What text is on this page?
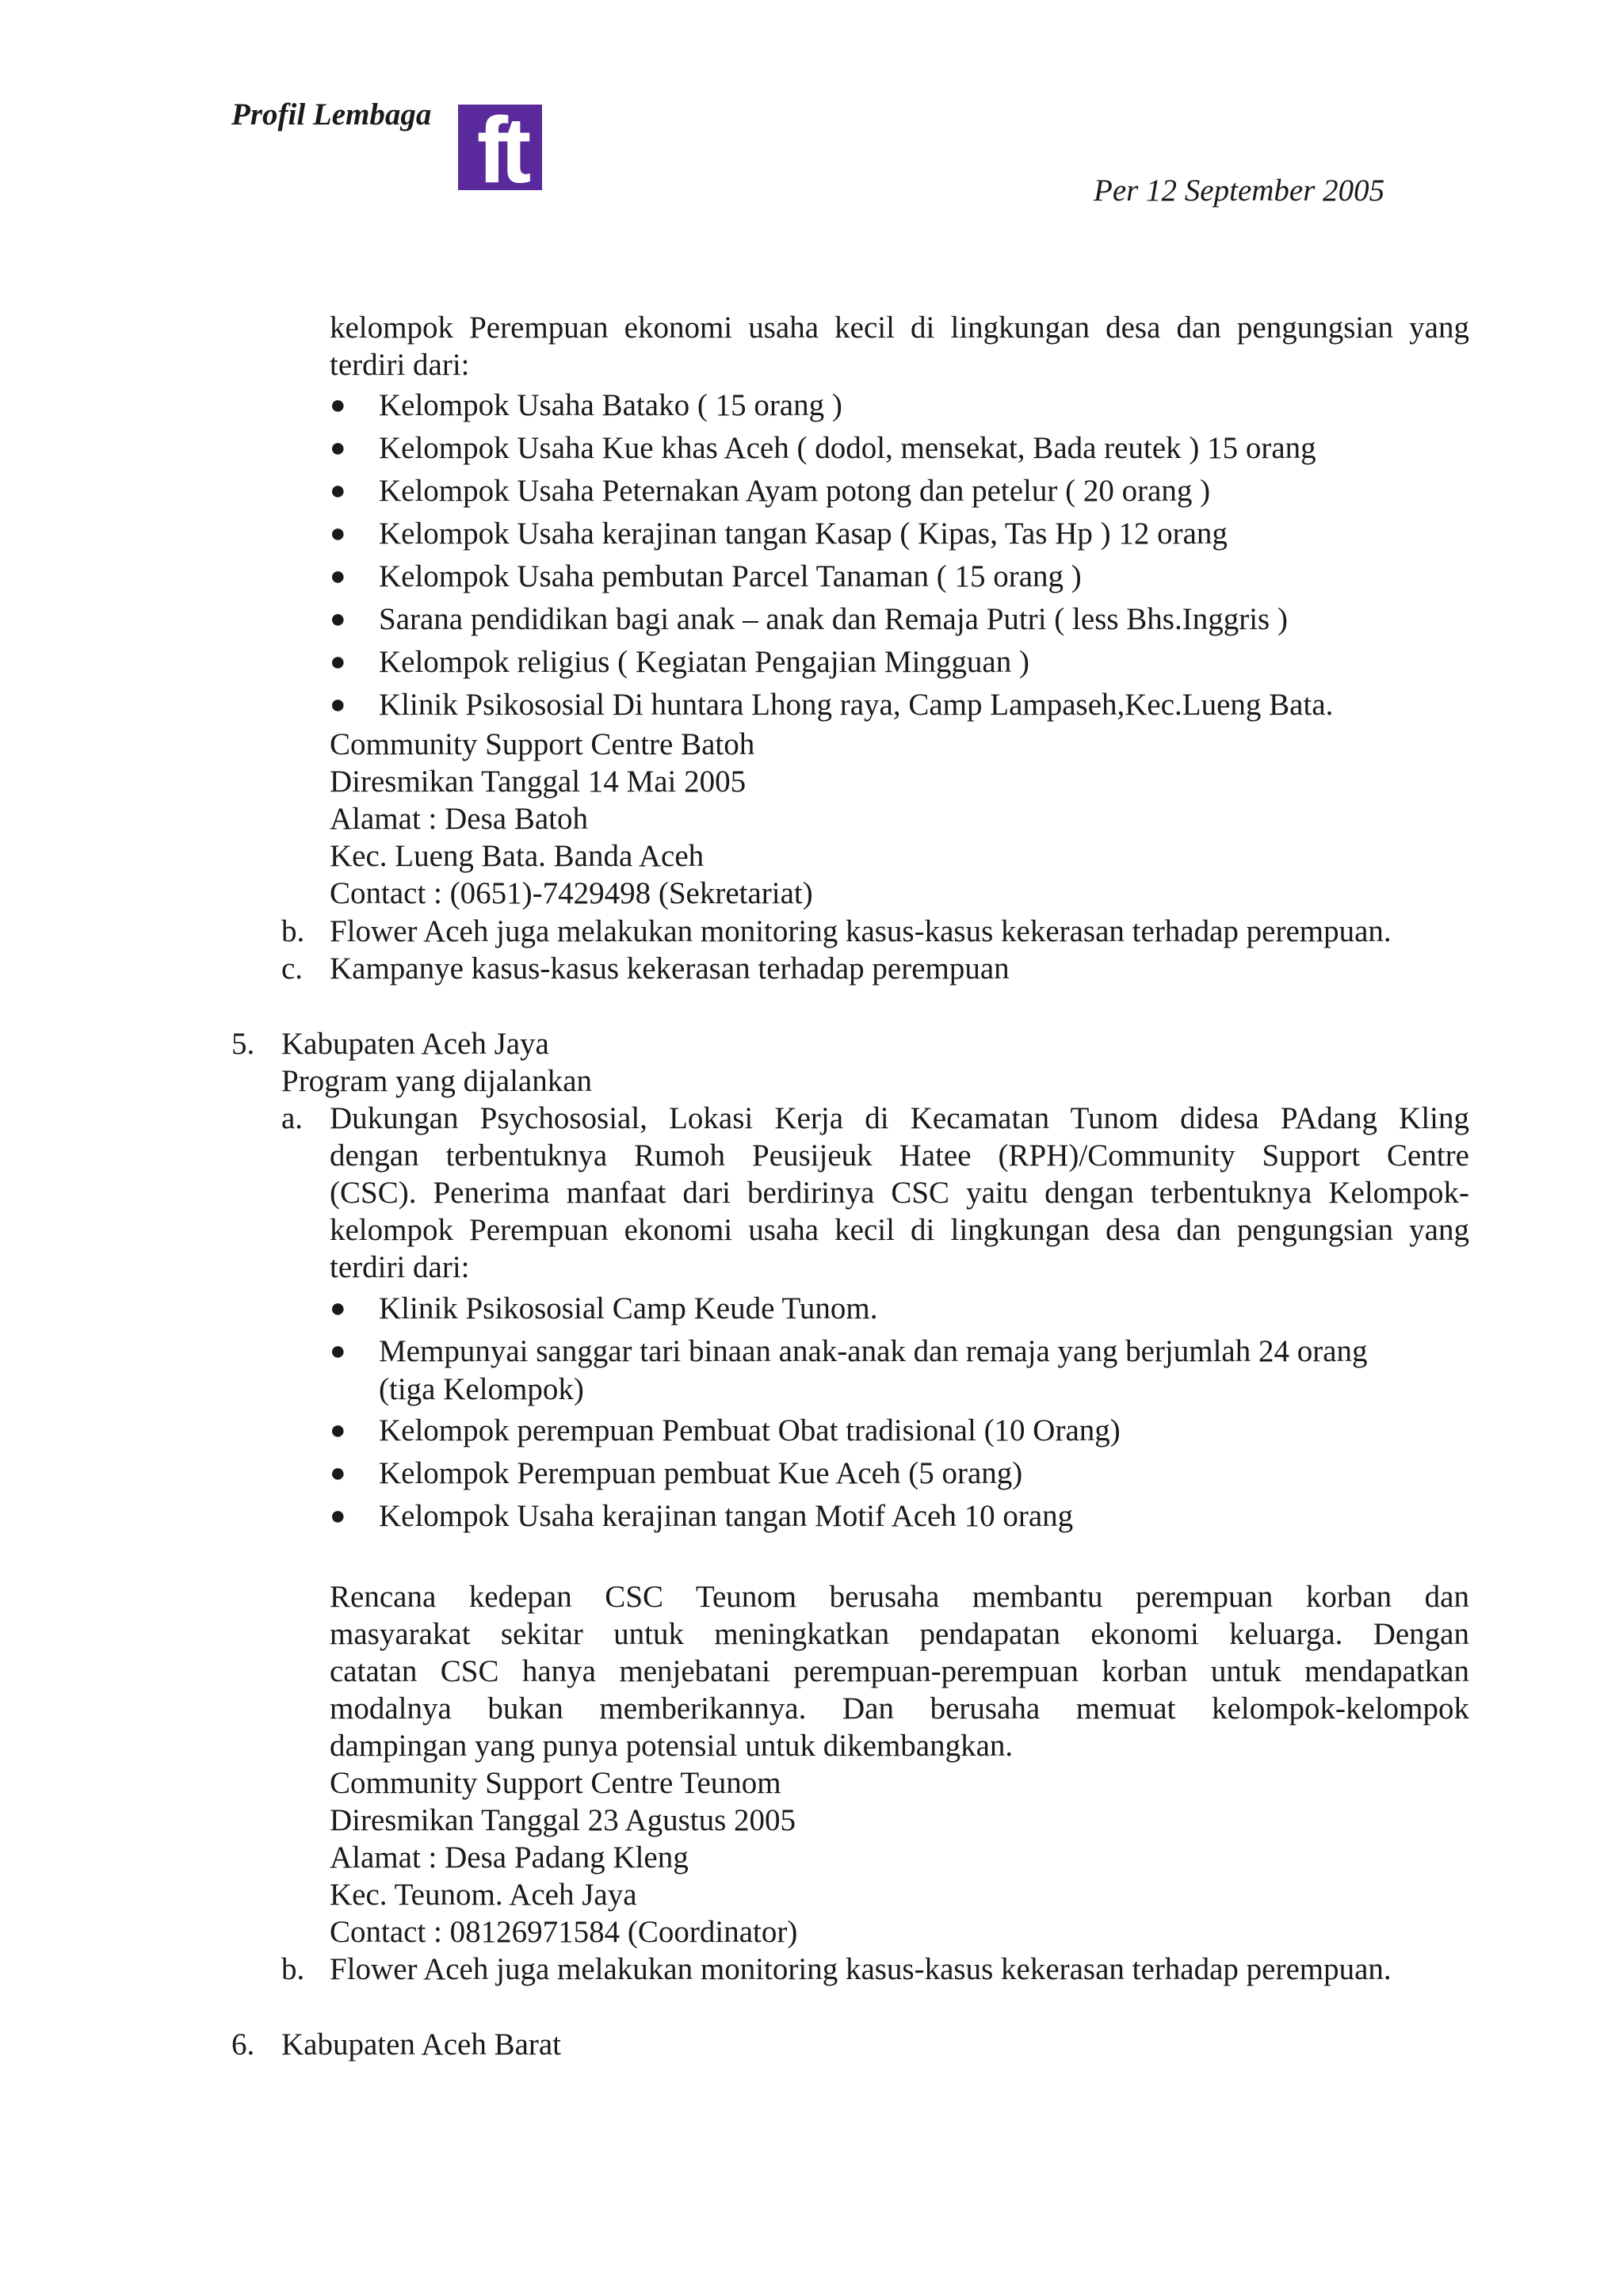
Profil Lembaga ft	Per 12 September 2005
kelompok Perempuan ekonomi usaha kecil di lingkungan desa dan pengungsian yang
terdiri dari:
● Kelompok Usaha Batako ( 15 orang )
● Kelompok Usaha Kue khas Aceh ( dodol, mensekat, Bada reutek ) 15 orang
● Kelompok Usaha Peternakan Ayam potong dan petelur ( 20 orang )
● Kelompok Usaha kerajinan tangan Kasap ( Kipas, Tas Hp ) 12 orang
● Kelompok Usaha pembutan Parcel Tanaman ( 15 orang )
● Sarana pendidikan bagi anak – anak dan Remaja Putri ( less Bhs.Inggris )
● Kelompok religius ( Kegiatan Pengajian Mingguan )
● Klinik Psikososial Di huntara Lhong raya, Camp Lampaseh,Kec.Lueng Bata.
Community Support Centre Batoh
Diresmikan Tanggal 14 Mai 2005
Alamat : Desa Batoh
Kec. Lueng Bata. Banda Aceh
Contact : (0651)-7429498 (Sekretariat)
b. Flower Aceh juga melakukan monitoring kasus-kasus kekerasan terhadap perempuan.
c. Kampanye kasus-kasus kekerasan terhadap perempuan
5. Kabupaten Aceh Jaya
Program yang dijalankan
a. Dukungan Psychososial, Lokasi Kerja di Kecamatan Tunom didesa PAdang Kling
dengan terbentuknya Rumoh Peusijeuk Hatee (RPH)/Community Support Centre
(CSC). Penerima manfaat dari berdirinya CSC yaitu dengan terbentuknya Kelompok-
kelompok Perempuan ekonomi usaha kecil di lingkungan desa dan pengungsian yang
terdiri dari:
● Klinik Psikososial Camp Keude Tunom.
● Mempunyai sanggar tari binaan anak-anak dan remaja yang berjumlah 24 orang
(tiga Kelompok)
● Kelompok perempuan Pembuat Obat tradisional (10 Orang)
● Kelompok Perempuan pembuat Kue Aceh (5 orang)
● Kelompok Usaha kerajinan tangan Motif Aceh 10 orang
Rencana kedepan CSC Teunom berusaha membantu perempuan korban dan
masyarakat sekitar untuk meningkatkan pendapatan ekonomi keluarga. Dengan
catatan CSC hanya menjebatani perempuan-perempuan korban untuk mendapatkan
modalnya bukan memberikannya. Dan berusaha memuat kelompok-kelompok
dampingan yang punya potensial untuk dikembangkan.
Community Support Centre Teunom
Diresmikan Tanggal 23 Agustus 2005
Alamat : Desa Padang Kleng
Kec. Teunom. Aceh Jaya
Contact : 08126971584 (Coordinator)
b. Flower Aceh juga melakukan monitoring kasus-kasus kekerasan terhadap perempuan.
6. Kabupaten Aceh Barat
